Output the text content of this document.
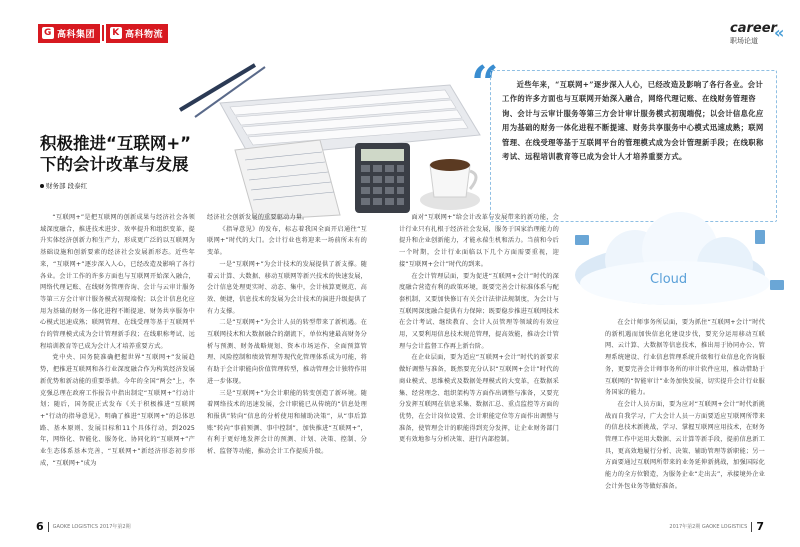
G 高科集团 K 高科物流	career
职场论道	«
“	近些年来，“互联网+”逐步深入人心，已经改造及影响了各行各业。会计工作的许多方面也与互联网开始深入融合，网络代理记账、在线财务管理咨询、会计与云审计服务等第三方会计审计服务模式初现端倪；以会计信息化应用为基础的财务一体化进程不断提速、财务共享服务中心模式迅速成熟；联网管理、在线受理等基于互联网平台的管理模式成为会计管理新手段；在线职称考试、远程培训教育等已成为会计人才培养重要方式。
积极推进“互联网+”
下的会计改革与发展
财务部 段泰红

“互联网+”是把互联网的创新成果与经济社会各领域深度融合，推进技术进步、效率提升和组织变革，提升实体经济创新力和生产力，形成更广泛的以互联网为基础设施和创新要素的经济社会发展新形态。近些年来，“互联网+”逐步深入人心，已经改造及影响了各行各业。会计工作的许多方面也与互联网开始深入融合，网络代理记账、在线财务管理咨询、会计与云审计服务等第三方会计审计服务模式初现端倪；以会计信息化应用为基础的财务一体化进程不断提速、财务共享服务中心模式迅速成熟；联网管理、在线受理等基于互联网平台的管理模式成为会计管理新手段；在线职称考试、远程培训教育等已成为会计人才培养重要方式。

党中央、国务院准确把握世界“互联网+”发展趋势，把推进互联网和各行业深度融合作为构筑经济发展新优势和新动能的重要举措。今年的全国“两会”上，李克强总理在政府工作报告中指出制定“互联网+”行动计划；随后，国务院正式发布《关于积极推进“互联网+”行动的指导意见》，明确了推进“互联网+”的总体思路、基本原则、发展目标和11个具体行动，到2025年，网络化、智能化、服务化、协同化的“互联网+”产业生态体系基本完善，“互联网+”新经济形态初步形成，“互联网+”成为

经济社会创新发展的重要驱动力量。

《指导意见》的发布，标志着我国全面开启通往“互联网+”时代的大门。会计行业也将迎来一场前所未有的变革。

一是“互联网+”为会计技术的发展提供了新支撑。随着云计算、大数据、移动互联网等新兴技术的快速发展，会计信息处理更实时、动态、集中，会计核算更规范、高效、便捷，信息技术的发展为会计技术的演进升级提供了有力支撑。

二是“互联网+”为会计人员的转型带来了新机遇。在互联网技术和大数据融合的潮流下，单位构建最高财务分析与预测、财务战略规划、资本市场运作、全面预算管理、风险控制和绩效管理等现代化管理体系成为可能，将有助于会计职能向价值管理转型，推动管理会计独特作用进一步体现。

三是“互联网+”为会计职能的转变创造了新环境。随着网络技术的迅速发展，会计职能已从传统的“信息处理和报供”转向“信息的分析使用和辅助决策”，从“事后算账”转向“事前预测、事中控制”，加快推进“互联网+”，有利于更好地发挥会计的预测、计划、决策、控制、分析、监督等功能，推动会计工作提质升级。

面对“互联网+”给会计改革与发展带来的新功能，会计行业只有扎根于经济社会发展，服务于国家治理能力的提升和企业创新能力，才能永葆生机和活力。当前和今后一个时期，会计行业面临以下几个方面需要重视，迎接“互联网+会计”时代的到来。

在会计管理层面，要为促进“互联网+会计”时代的深度融合营造有利的政策环境，既要完善会计标准体系与配套机制，又要加快修订有关会计法律法规制度，为会计与互联网深度融合提供有力保障；既要稳步推进互联网技术在会计考试、继续教育、会计人员管理等领域的有效应用，又要利用信息技术规范管理，提高效能，推动会计管理与会计监督工作再上新台阶。

在企业层面，要为适应“互联网+会计”时代的新要求做好调整与准备，既然要充分认识“互联网+会计”时代的商业模式、思维模式及数据处理模式的大变革，在数据采集、经营理念、组织架构等方面作出调整与准备，又要充分发挥互联网在信息采集、数据汇总、重点监控等方面的优势，在会计岗位设置、会计职能定位等方面作出调整与准备，使管理会计的职能得到充分发挥，让企业财务部门更有效地参与分析决策、进行内部控制。

Cloud

在会计师事务所层面，要为抓住“互联网+会计”时代的新机遇而加快信息化建设步伐，要充分运用移动互联网、云计算、大数据等信息技术，推出用于协同办公、管理系统建设、行业信息管理系统升级和行业信息化咨询服务，更要完善会计师事务所的审计软件应用，推动借助于互联网的“智能审计”业务加快发展，切实提升会计行业服务国家的能力。

在会计人员方面，要为应对“互联网+会计”时代新挑战而自我学习，广大会计人员一方面要适应互联网所带来的信息技术新挑战，学习、掌握互联网应用技术，在财务管理工作中运用大数据、云计算等新手段，提前信息新工具，更高效地履行分析、决策、辅助管理等新职能；另一方面要通过互联网所带来的业务延伸新挑战，加强国际化能力的全方位锻造，为服务企业“走出去”，承接境外企业会计外包业务等做好准备。

6 GAOKE LOGISTICS 2017年第2期	2017年第2期 GAOKE LOGISTICS 7
